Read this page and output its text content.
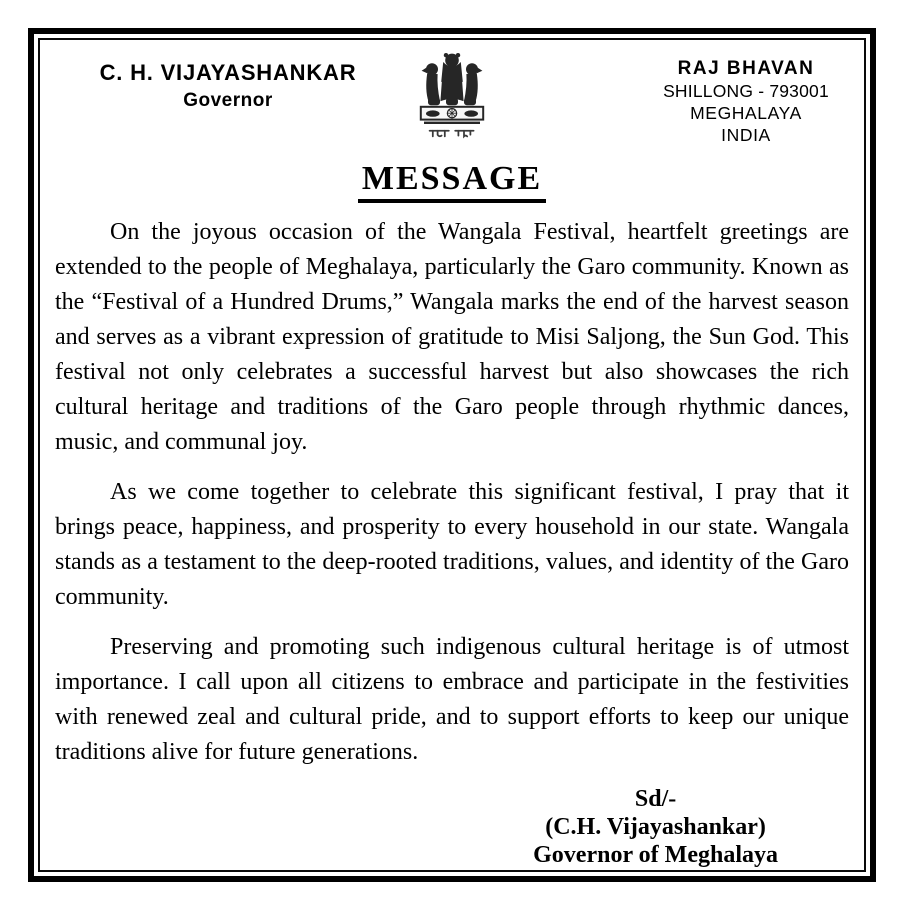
C. H. VIJAYASHANKAR
Governor
RAJ BHAVAN
SHILLONG - 793001
MEGHALAYA
INDIA
MESSAGE

On the joyous occasion of the Wangala Festival, heartfelt greetings are extended to the people of Meghalaya, particularly the Garo community. Known as the “Festival of a Hundred Drums,” Wangala marks the end of the harvest season and serves as a vibrant expression of gratitude to Misi Saljong, the Sun God. This festival not only celebrates a successful harvest but also showcases the rich cultural heritage and traditions of the Garo people through rhythmic dances, music, and communal joy.

As we come together to celebrate this significant festival, I pray that it brings peace, happiness, and prosperity to every household in our state. Wangala stands as a testament to the deep-rooted traditions, values, and identity of the Garo community.

Preserving and promoting such indigenous cultural heritage is of utmost importance. I call upon all citizens to embrace and participate in the festivities with renewed zeal and cultural pride, and to support efforts to keep our unique traditions alive for future generations.

Sd/-
(C.H. Vijayashankar)
Governor of Meghalaya
